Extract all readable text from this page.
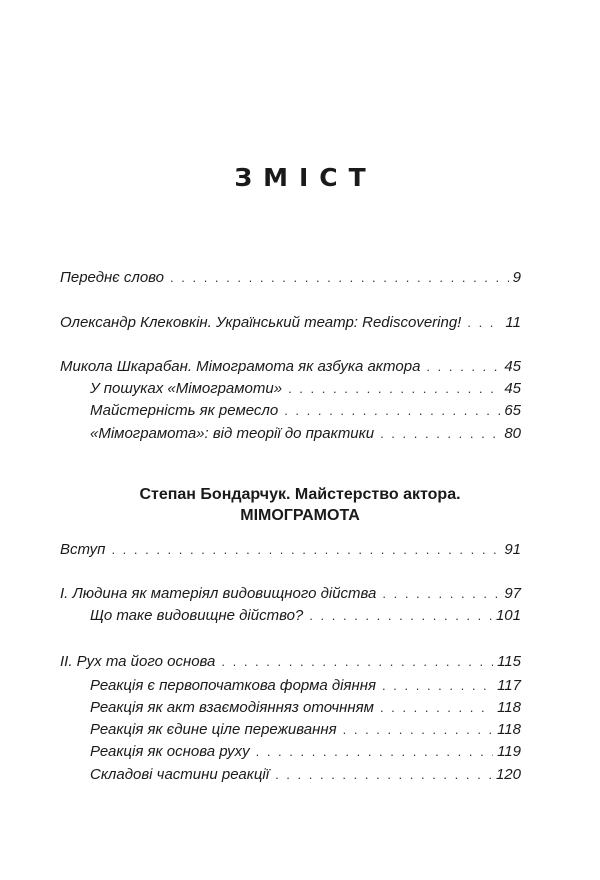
ЗМІСТ
Переднє слово . . .	9
Олександр Клековкін. Український театр: Rediscovering! . . .	11
Микола Шкарабан. Мімограмота як азбука актора . . .	45
У пошуках «Мімограмоти» . . .	45
Майстерність як ремесло . . .	65
«Мімограмота»: від теорії до практики . . .	80
Степан Бондарчук. Майстерство актора.
МІМОГРАМОТА
Вступ . . .	91
I. Людина як матеріял видовищного дійства . . .	97
Що таке видовищне дійство? . . .	101
II. Рух та його основа . . .	115
Реакція є первопочаткова форма діяння . . .	117
Реакція як акт взаємодіянняз оточнням . . .	118
Реакція як єдине ціле переживання . . .	118
Реакція як основа руху . . .	119
Складові частини реакції . . .	120
